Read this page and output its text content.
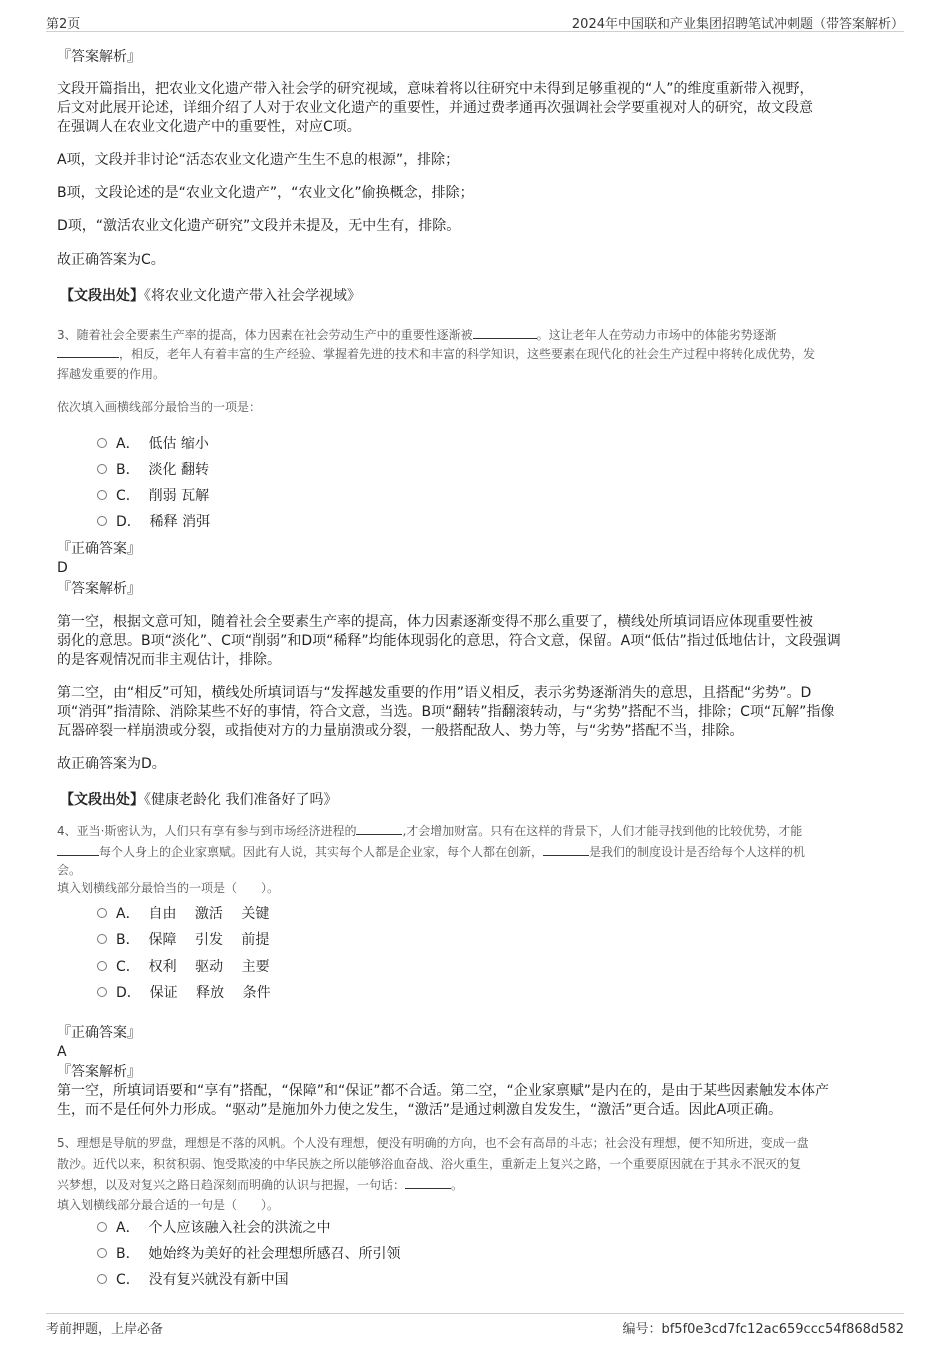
第2页	2024年中国联和产业集团招聘笔试冲刺题（带答案解析）
『答案解析』
文段开篇指出，把农业文化遗产带入社会学的研究视域，意味着将以往研究中未得到足够重视的“人”的维度重新带入视野，
后文对此展开论述，详细介绍了人对于农业文化遗产的重要性，并通过费孝通再次强调社会学要重视对人的研究，故文段意
在强调人在农业文化遗产中的重要性，对应C项。
A项，文段并非讨论“活态农业文化遗产生生不息的根源”，排除；
B项，文段论述的是“农业文化遗产”，“农业文化”偷换概念，排除；
D项，“激活农业文化遗产研究”文段并未提及，无中生有，排除。
故正确答案为C。
【文段出处】《将农业文化遗产带入社会学视域》
3、随着社会全要素生产率的提高，体力因素在社会劳动生产中的重要性逐渐被	。这让老年人在劳动力市场中的体能劣势逐渐
，相反，老年人有着丰富的生产经验、掌握着先进的技术和丰富的科学知识，这些要素在现代化的社会生产过程中将转化成优势，发
挥越发重要的作用。
依次填入画横线部分最恰当的一项是：
A．  低估 缩小
B．  淡化 翻转
C．  削弱 瓦解
D．  稀释 消弭
『正确答案』
D
『答案解析』
第一空，根据文意可知，随着社会全要素生产率的提高，体力因素逐渐变得不那么重要了，横线处所填词语应体现重要性被
弱化的意思。B项“淡化”、C项“削弱”和D项“稀释”均能体现弱化的意思，符合文意，保留。A项“低估”指过低地估计，文段强调
的是客观情况而非主观估计，排除。
第二空，由“相反”可知，横线处所填词语与“发挥越发重要的作用”语义相反，表示劣势逐渐消失的意思，且搭配“劣势”。D
项“消弭”指清除、消除某些不好的事情，符合文意，当选。B项“翻转”指翻滚转动，与“劣势”搭配不当，排除；C项“瓦解”指像
瓦器碎裂一样崩溃或分裂，或指使对方的力量崩溃或分裂，一般搭配敌人、势力等，与“劣势”搭配不当，排除。
故正确答案为D。
【文段出处】《健康老龄化 我们准备好了吗》
4、亚当·斯密认为，人们只有享有参与到市场经济进程的	,才会增加财富。只有在这样的背景下，人们才能寻找到他的比较优势，才能
每个人身上的企业家禀赋。因此有人说，其实每个人都是企业家，每个人都在创新，	是我们的制度设计是否给每个人这样的机
会。
填入划横线部分最恰当的一项是（　　）。
A．  自由　 激活　 关键
B．  保障　 引发　 前提
C．  权利　 驱动　 主要
D．  保证　 释放　 条件
『正确答案』
A
『答案解析』
第一空，所填词语要和“享有”搭配，“保障”和“保证”都不合适。第二空，“企业家禀赋”是内在的，是由于某些因素触发本体产
生，而不是任何外力形成。“驱动”是施加外力使之发生，“激活”是通过刺激自发发生，“激活”更合适。因此A项正确。
5、理想是导航的罗盘，理想是不落的风帆。个人没有理想，便没有明确的方向，也不会有高昂的斗志；社会没有理想，便不知所进，变成一盘
散沙。近代以来，积贫积弱、饱受欺凌的中华民族之所以能够浴血奋战、浴火重生，重新走上复兴之路，一个重要原因就在于其永不泯灭的复
兴梦想，以及对复兴之路日趋深刻而明确的认识与把握，一句话：	。
填入划横线部分最合适的一句是（　　）。
A．  个人应该融入社会的洪流之中
B．  她始终为美好的社会理想所感召、所引领
C．  没有复兴就没有新中国
考前押题，上岸必备	编号：bf5f0e3cd7fc12ac659ccc54f868d582
